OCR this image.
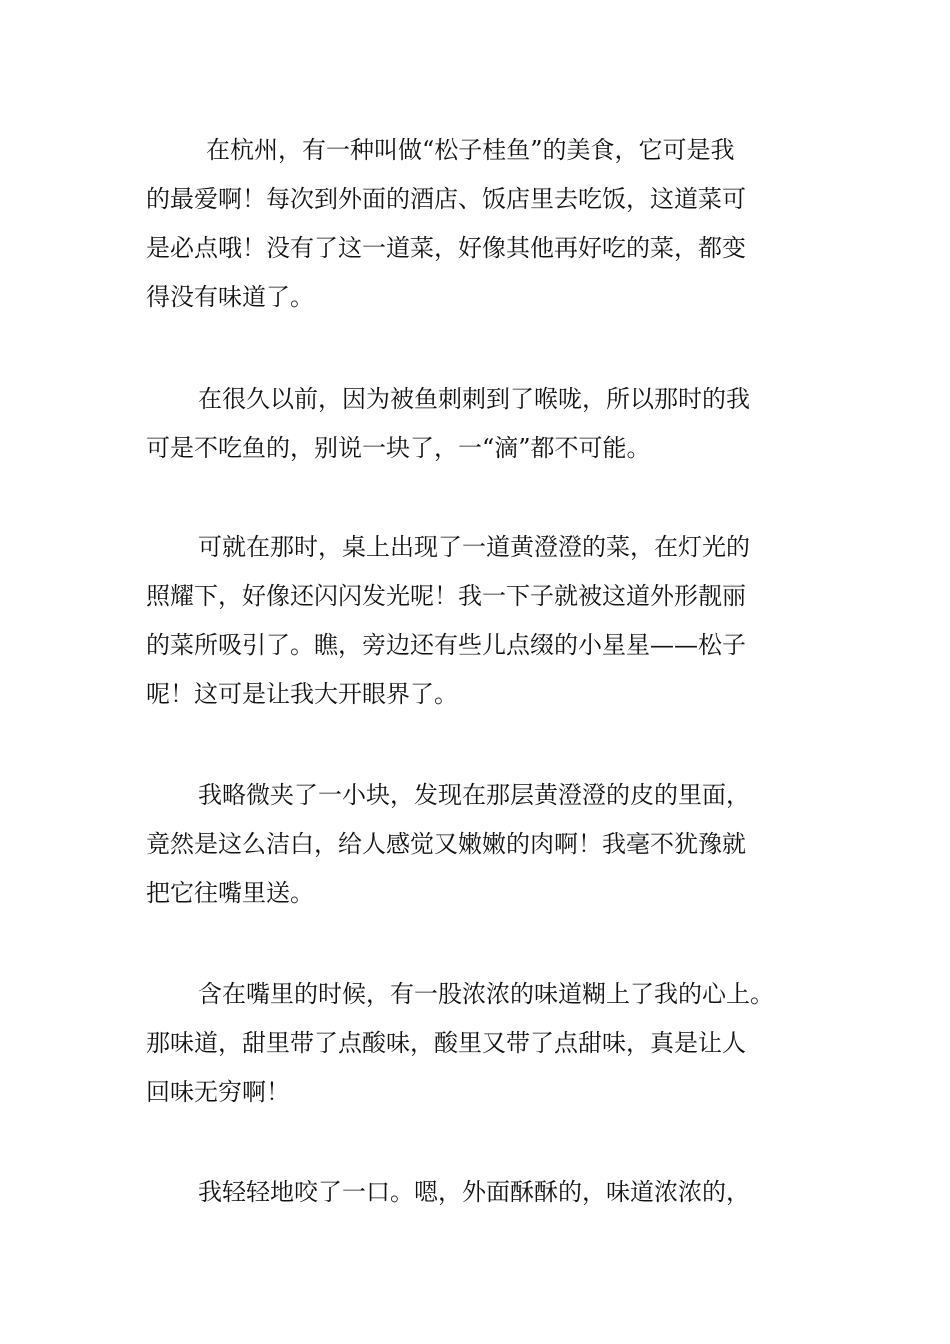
在杭州，有一种叫做“松子桂鱼”的美食，它可是我
的最爱啊！每次到外面的酒店、饭店里去吃饭，这道菜可
是必点哦！没有了这一道菜，好像其他再好吃的菜，都变
得没有味道了。
在很久以前，因为被鱼刺刺到了喉咙，所以那时的我
可是不吃鱼的，别说一块了，一“滴”都不可能。
可就在那时，桌上出现了一道黄澄澄的菜，在灯光的
照耀下，好像还闪闪发光呢！我一下子就被这道外形靓丽
的菜所吸引了。瞧，旁边还有些儿点缀的小星星——松子
呢！这可是让我大开眼界了。
我略微夹了一小块，发现在那层黄澄澄的皮的里面，
竟然是这么洁白，给人感觉又嫩嫩的肉啊！我毫不犹豫就
把它往嘴里送。
含在嘴里的时候，有一股浓浓的味道糊上了我的心上。
那味道，甜里带了点酸味，酸里又带了点甜味，真是让人
回味无穷啊！
我轻轻地咬了一口。嗯，外面酥酥的，味道浓浓的，
